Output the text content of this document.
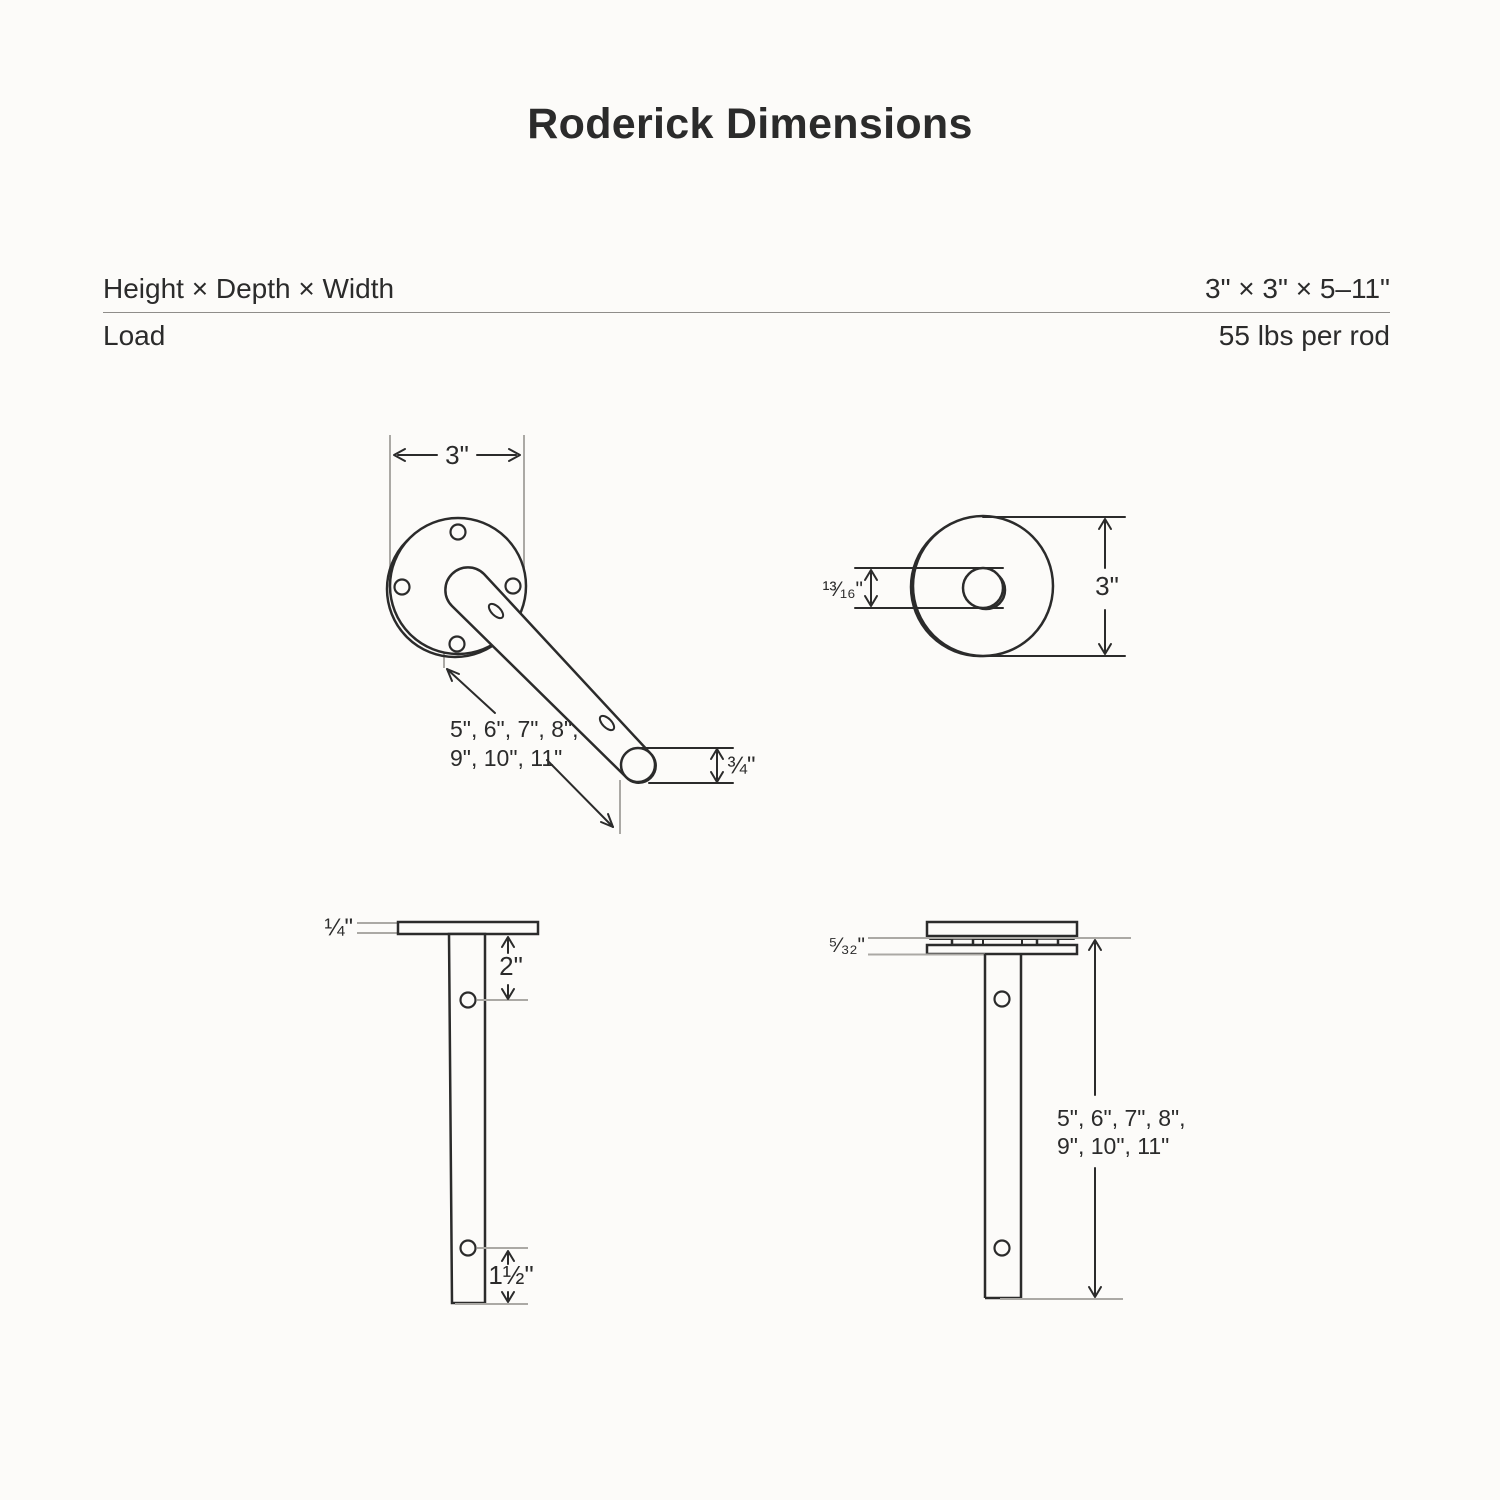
Roderick Dimensions
Height × Depth × Width	3" × 3" × 5–11"
Load	55 lbs per rod
3"
5", 6", 7", 8",
9", 10", 11"	¾"
¹³⁄₁₆"	3"
¼"
2"
1½"
⁵⁄₃₂"
5", 6", 7", 8",
9", 10", 11"
